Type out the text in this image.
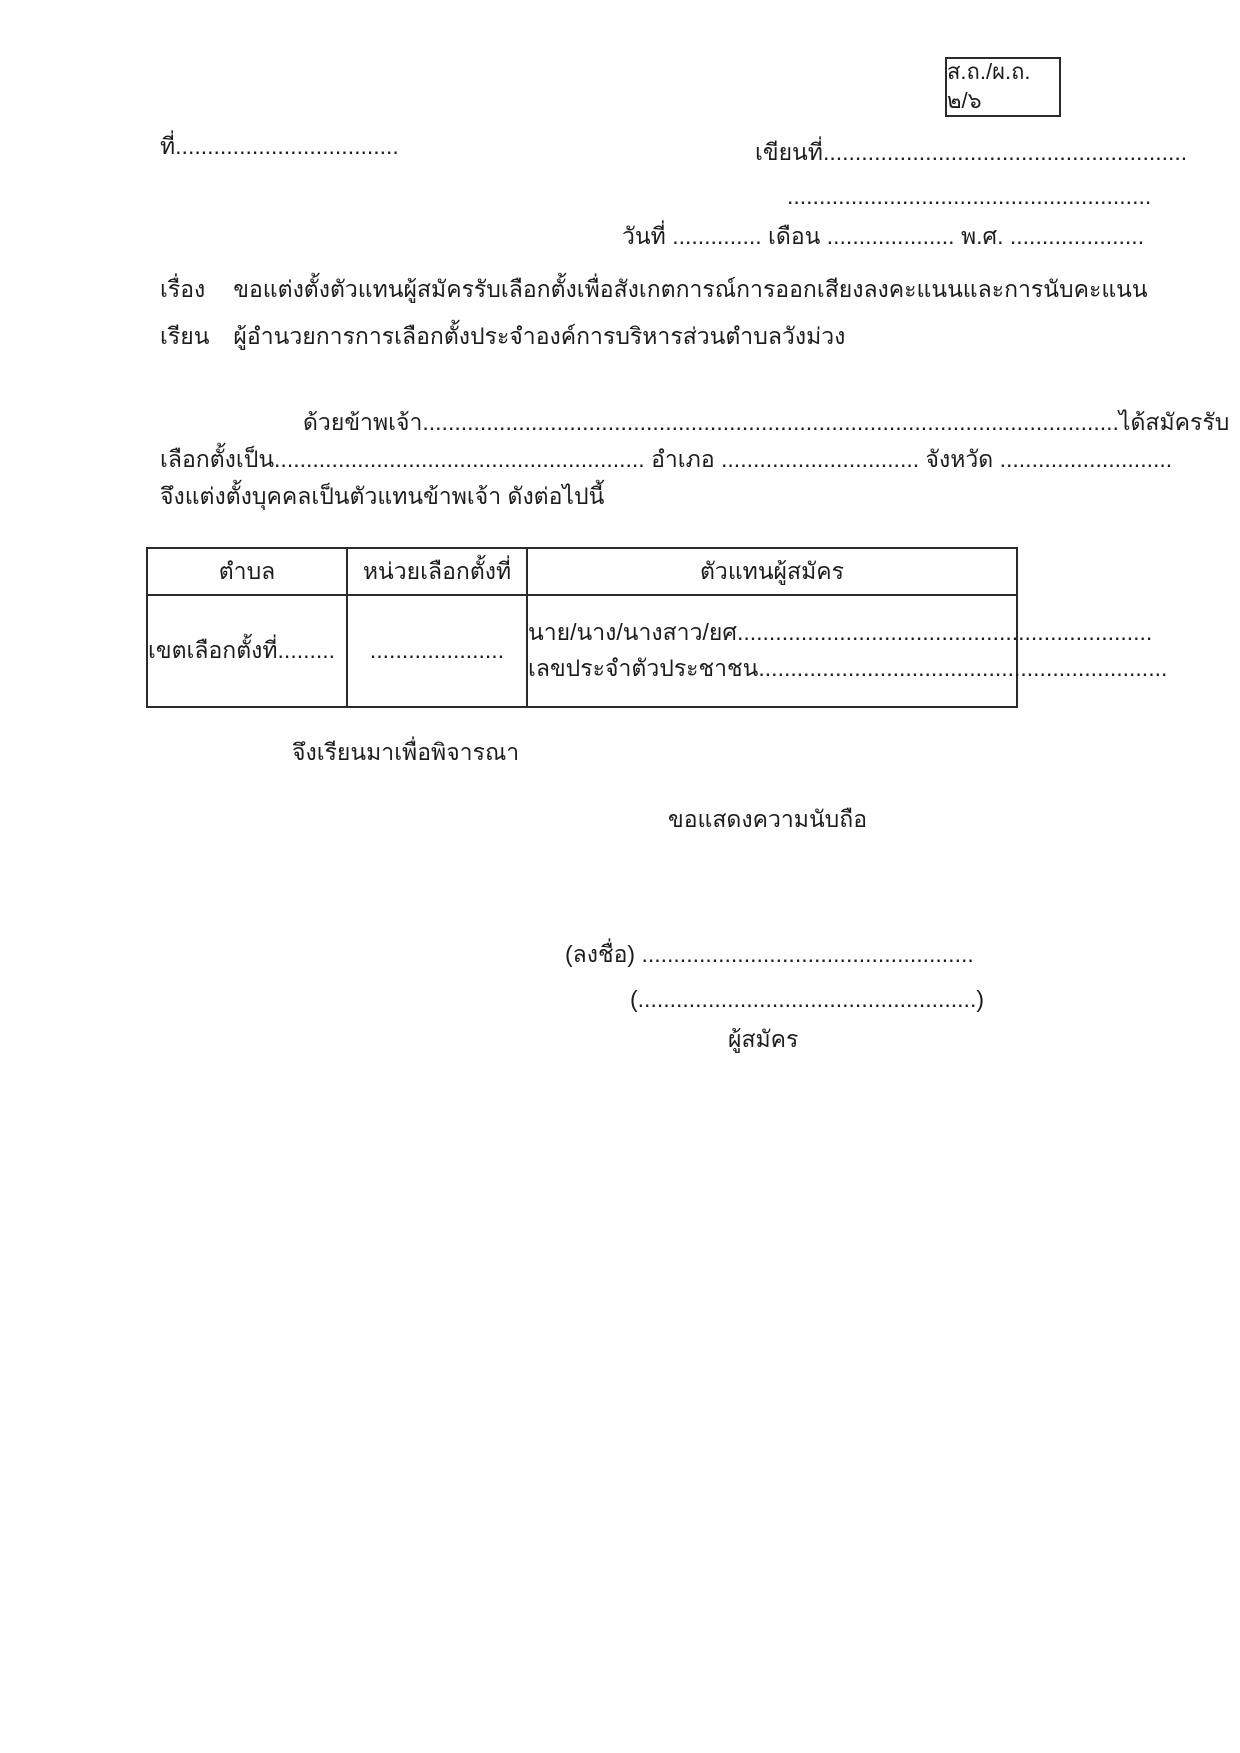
ส.ถ./ผ.ถ. ๒/๖
ที่...................................	เขียนที่.........................................................
.........................................................
วันที่ .............. เดือน .................... พ.ศ. .....................
เรื่อง ขอแต่งตั้งตัวแทนผู้สมัครรับเลือกตั้งเพื่อสังเกตการณ์การออกเสียงลงคะแนนและการนับคะแนน
เรียน ผู้อำนวยการการเลือกตั้งประจำองค์การบริหารส่วนตำบลวังม่วง
ด้วยข้าพเจ้า.............................................................................................................ได้สมัครรับ
เลือกตั้งเป็น.......................................................... อำเภอ ............................... จังหวัด ...........................
จึงแต่งตั้งบุคคลเป็นตัวแทนข้าพเจ้า ดังต่อไปนี้
ตำบล	หน่วยเลือกตั้งที่	ตัวแทนผู้สมัคร
เขตเลือกตั้งที่.........	.....................	นาย/นาง/นางสาว/ยศ.................................................................
เลขประจำตัวประชาชน................................................................
จึงเรียนมาเพื่อพิจารณา
ขอแสดงความนับถือ
(ลงชื่อ) ....................................................
(.....................................................)
ผู้สมัคร
